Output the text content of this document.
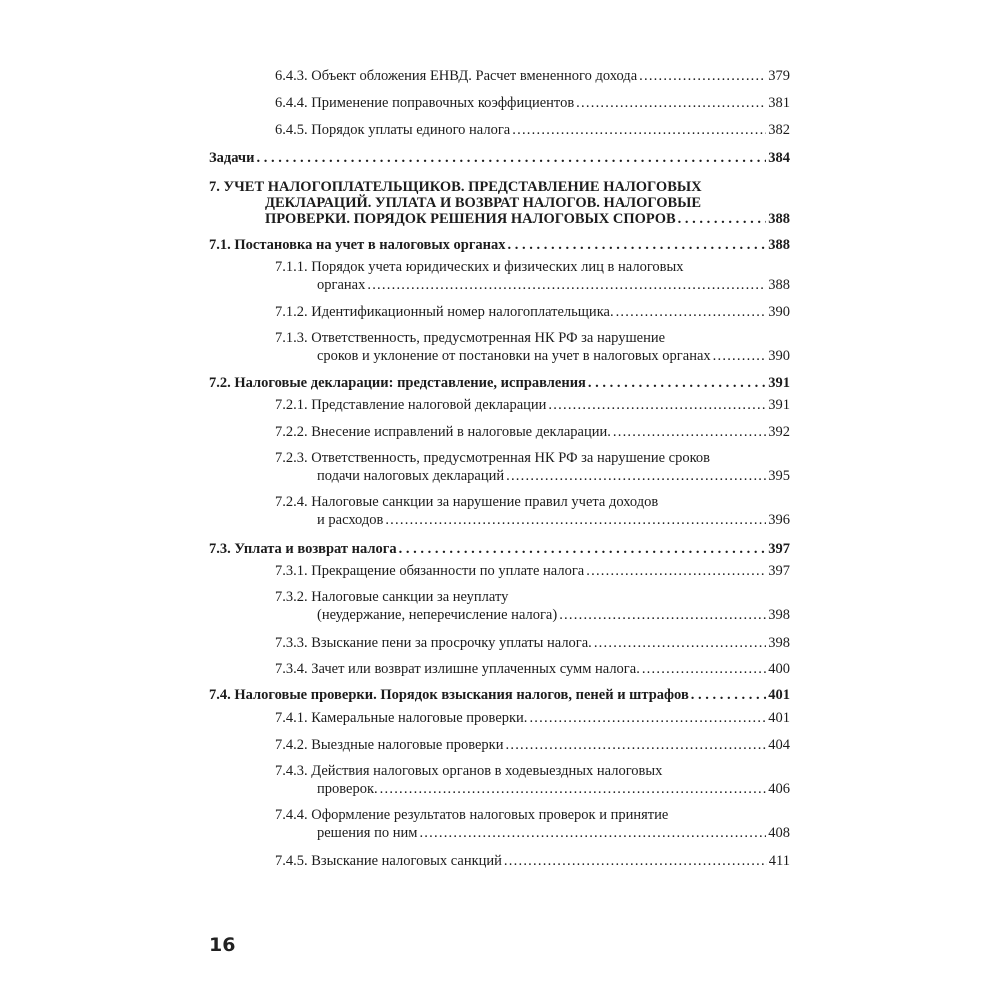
6.4.3. Объект обложения ЕНВД. Расчет вмененного дохода . . .	379
6.4.4. Применение поправочных коэффициентов . . .	381
6.4.5. Порядок уплаты единого налога . . .	382
Задачи . . .	384
7. УЧЕТ НАЛОГОПЛАТЕЛЬЩИКОВ. ПРЕДСТАВЛЕНИЕ НАЛОГОВЫХ
ДЕКЛАРАЦИЙ. УПЛАТА И ВОЗВРАТ НАЛОГОВ. НАЛОГОВЫЕ
ПРОВЕРКИ. ПОРЯДОК РЕШЕНИЯ НАЛОГОВЫХ СПОРОВ . . .	388
7.1. Постановка на учет в налоговых органах . . .	388
7.1.1. Порядок учета юридических и физических лиц в налоговых
органах . . .	388
7.1.2. Идентификационный номер налогоплательщика. . . .	390
7.1.3. Ответственность, предусмотренная НК РФ за нарушение
сроков и уклонение от постановки на учет в налоговых органах . . .	390
7.2. Налоговые декларации: представление, исправления . . .	391
7.2.1. Представление налоговой декларации . . .	391
7.2.2. Внесение исправлений в налоговые декларации. . . .	392
7.2.3. Ответственность, предусмотренная НК РФ за нарушение сроков
подачи налоговых деклараций . . .	395
7.2.4. Налоговые санкции за нарушение правил учета доходов
и расходов . . .	396
7.3. Уплата и возврат налога . . .	397
7.3.1. Прекращение обязанности по уплате налога . . .	397
7.3.2. Налоговые санкции за неуплату
(неудержание, неперечисление налога) . . .	398
7.3.3. Взыскание пени за просрочку уплаты налога. . . .	398
7.3.4. Зачет или возврат излишне уплаченных сумм налога. . . .	400
7.4. Налоговые проверки. Порядок взыскания налогов, пеней и штрафов . . .	401
7.4.1. Камеральные налоговые проверки. . . .	401
7.4.2. Выездные налоговые проверки . . .	404
7.4.3. Действия налоговых органов в ходевыездных налоговых
проверок. . . .	406
7.4.4. Оформление результатов налоговых проверок и принятие
решения по ним . . .	408
7.4.5. Взыскание налоговых санкций . . .	411
16
